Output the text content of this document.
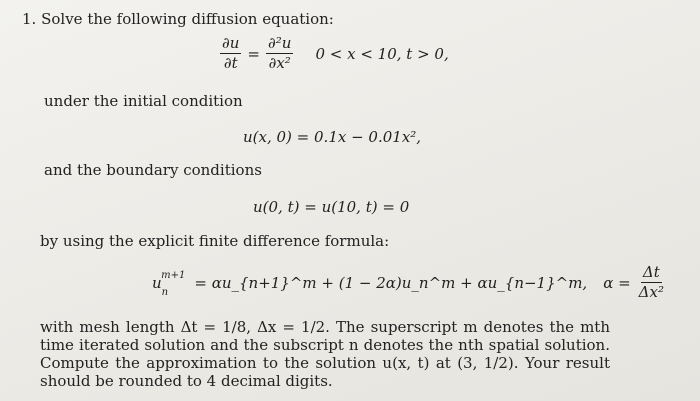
1. Solve the following diffusion equation:
$\frac{\partial u}{\partial t} = \frac{\text{∂²u}}{\text{∂x²}} 0 < x < 10$, t > 0,
under the initial condition
u(x, 0) = 0.1x − 0.01x²,
and the boundary conditions
u(0, t) = u(10, t) = 0
by using the explicit finite difference formula:
$u_n^{m+1}$ = αu_{n+1}^m + (1 − 2α)u_n^m + αu_{n−1}^m, $\alpha = \frac{\Delta t}{\text{Δx²}}$
with mesh length Δt = 1/8, Δx = 1/2. The superscript m denotes the mth time iterated solution and the subscript n denotes the nth spatial solution. Compute the approximation to the solution u(x, t) at (3, 1/2). Your result should be rounded to 4 decimal digits.
